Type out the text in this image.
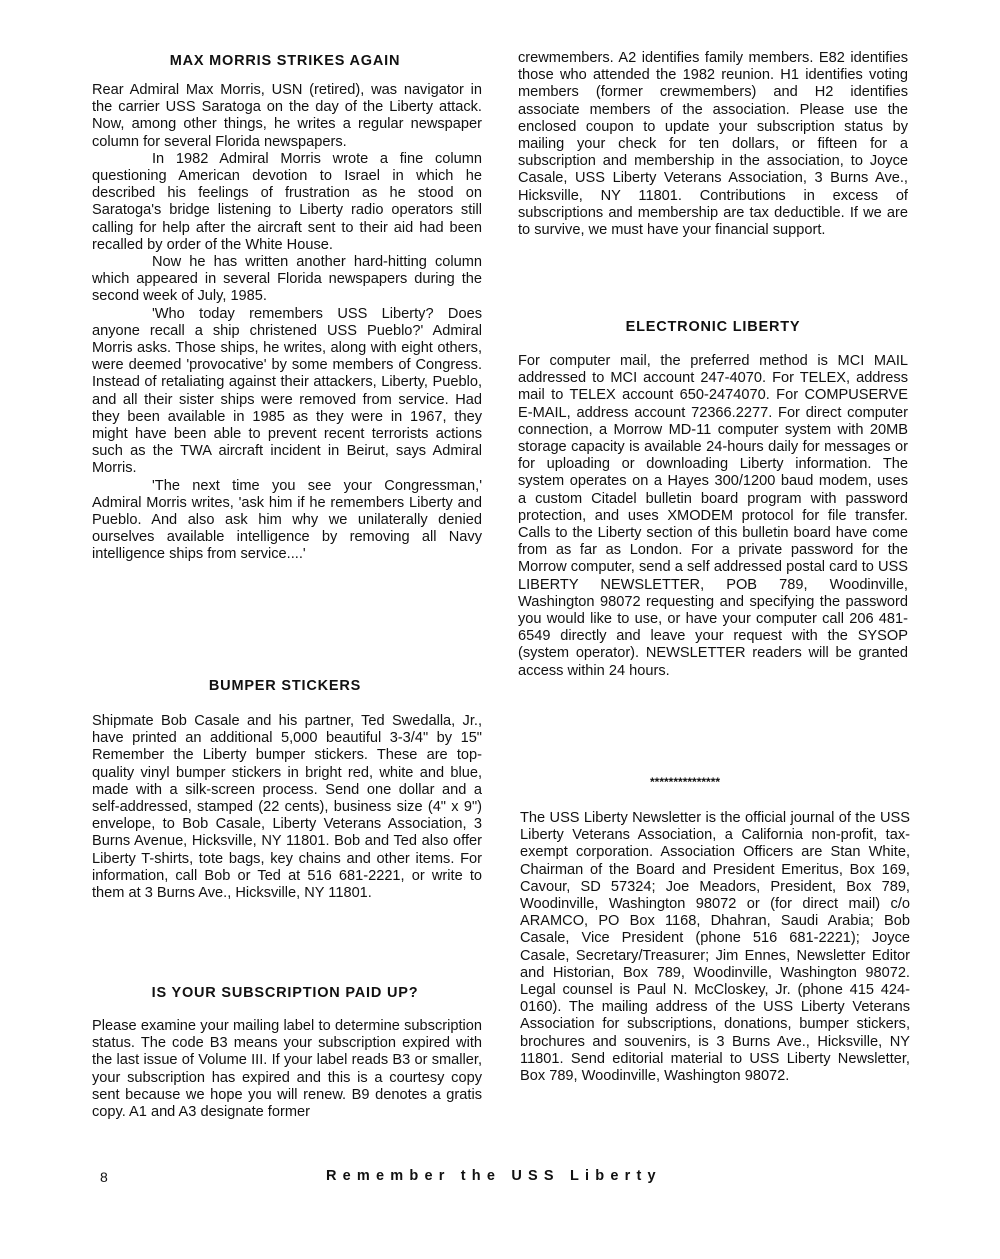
MAX MORRIS STRIKES AGAIN

Rear Admiral Max Morris, USN (retired), was navigator in the carrier USS Saratoga on the day of the Liberty attack. Now, among other things, he writes a regular newspaper column for several Florida newspapers.

In 1982 Admiral Morris wrote a fine column questioning American devotion to Israel in which he described his feelings of frustration as he stood on Saratoga's bridge listening to Liberty radio operators still calling for help after the aircraft sent to their aid had been recalled by order of the White House.

Now he has written another hard-hitting column which appeared in several Florida newspapers during the second week of July, 1985.

'Who today remembers USS Liberty? Does anyone recall a ship christened USS Pueblo?' Admiral Morris asks. Those ships, he writes, along with eight others, were deemed 'provocative' by some members of Congress. Instead of retaliating against their attackers, Liberty, Pueblo, and all their sister ships were removed from service. Had they been available in 1985 as they were in 1967, they might have been able to prevent recent terrorists actions such as the TWA aircraft incident in Beirut, says Admiral Morris.

'The next time you see your Congressman,' Admiral Morris writes, 'ask him if he remembers Liberty and Pueblo. And also ask him why we unilaterally denied ourselves available intelligence by removing all Navy intelligence ships from service....'

BUMPER STICKERS

Shipmate Bob Casale and his partner, Ted Swedalla, Jr., have printed an additional 5,000 beautiful 3-3/4" by 15" Remember the Liberty bumper stickers. These are top-quality vinyl bumper stickers in bright red, white and blue, made with a silk-screen process. Send one dollar and a self-addressed, stamped (22 cents), business size (4" x 9") envelope, to Bob Casale, Liberty Veterans Association, 3 Burns Avenue, Hicksville, NY 11801. Bob and Ted also offer Liberty T-shirts, tote bags, key chains and other items. For information, call Bob or Ted at 516 681-2221, or write to them at 3 Burns Ave., Hicksville, NY 11801.

IS YOUR SUBSCRIPTION PAID UP?

Please examine your mailing label to determine subscription status. The code B3 means your subscription expired with the last issue of Volume III. If your label reads B3 or smaller, your subscription has expired and this is a courtesy copy sent because we hope you will renew. B9 denotes a gratis copy. A1 and A3 designate former

crewmembers. A2 identifies family members. E82 identifies those who attended the 1982 reunion. H1 identifies voting members (former crewmembers) and H2 identifies associate members of the association. Please use the enclosed coupon to update your subscription status by mailing your check for ten dollars, or fifteen for a subscription and membership in the association, to Joyce Casale, USS Liberty Veterans Association, 3 Burns Ave., Hicksville, NY 11801. Contributions in excess of subscriptions and membership are tax deductible. If we are to survive, we must have your financial support.

ELECTRONIC LIBERTY

For computer mail, the preferred method is MCI MAIL addressed to MCI account 247-4070. For TELEX, address mail to TELEX account 650-2474070. For COMPUSERVE E-MAIL, address account 72366.2277. For direct computer connection, a Morrow MD-11 computer system with 20MB storage capacity is available 24-hours daily for messages or for uploading or downloading Liberty information. The system operates on a Hayes 300/1200 baud modem, uses a custom Citadel bulletin board program with password protection, and uses XMODEM protocol for file transfer. Calls to the Liberty section of this bulletin board have come from as far as London. For a private password for the Morrow computer, send a self addressed postal card to USS LIBERTY NEWSLETTER, POB 789, Woodinville, Washington 98072 requesting and specifying the password you would like to use, or have your computer call 206 481-6549 directly and leave your request with the SYSOP (system operator). NEWSLETTER readers will be granted access within 24 hours.

***************

The USS Liberty Newsletter is the official journal of the USS Liberty Veterans Association, a California non-profit, tax-exempt corporation. Association Officers are Stan White, Chairman of the Board and President Emeritus, Box 169, Cavour, SD 57324; Joe Meadors, President, Box 789, Woodinville, Washington 98072 or (for direct mail) c/o ARAMCO, PO Box 1168, Dhahran, Saudi Arabia; Bob Casale, Vice President (phone 516 681-2221); Joyce Casale, Secretary/Treasurer; Jim Ennes, Newsletter Editor and Historian, Box 789, Woodinville, Washington 98072. Legal counsel is Paul N. McCloskey, Jr. (phone 415 424-0160). The mailing address of the USS Liberty Veterans Association for subscriptions, donations, bumper stickers, brochures and souvenirs, is 3 Burns Ave., Hicksville, NY 11801. Send editorial material to USS Liberty Newsletter, Box 789, Woodinville, Washington 98072.

8	Remember the USS Liberty
